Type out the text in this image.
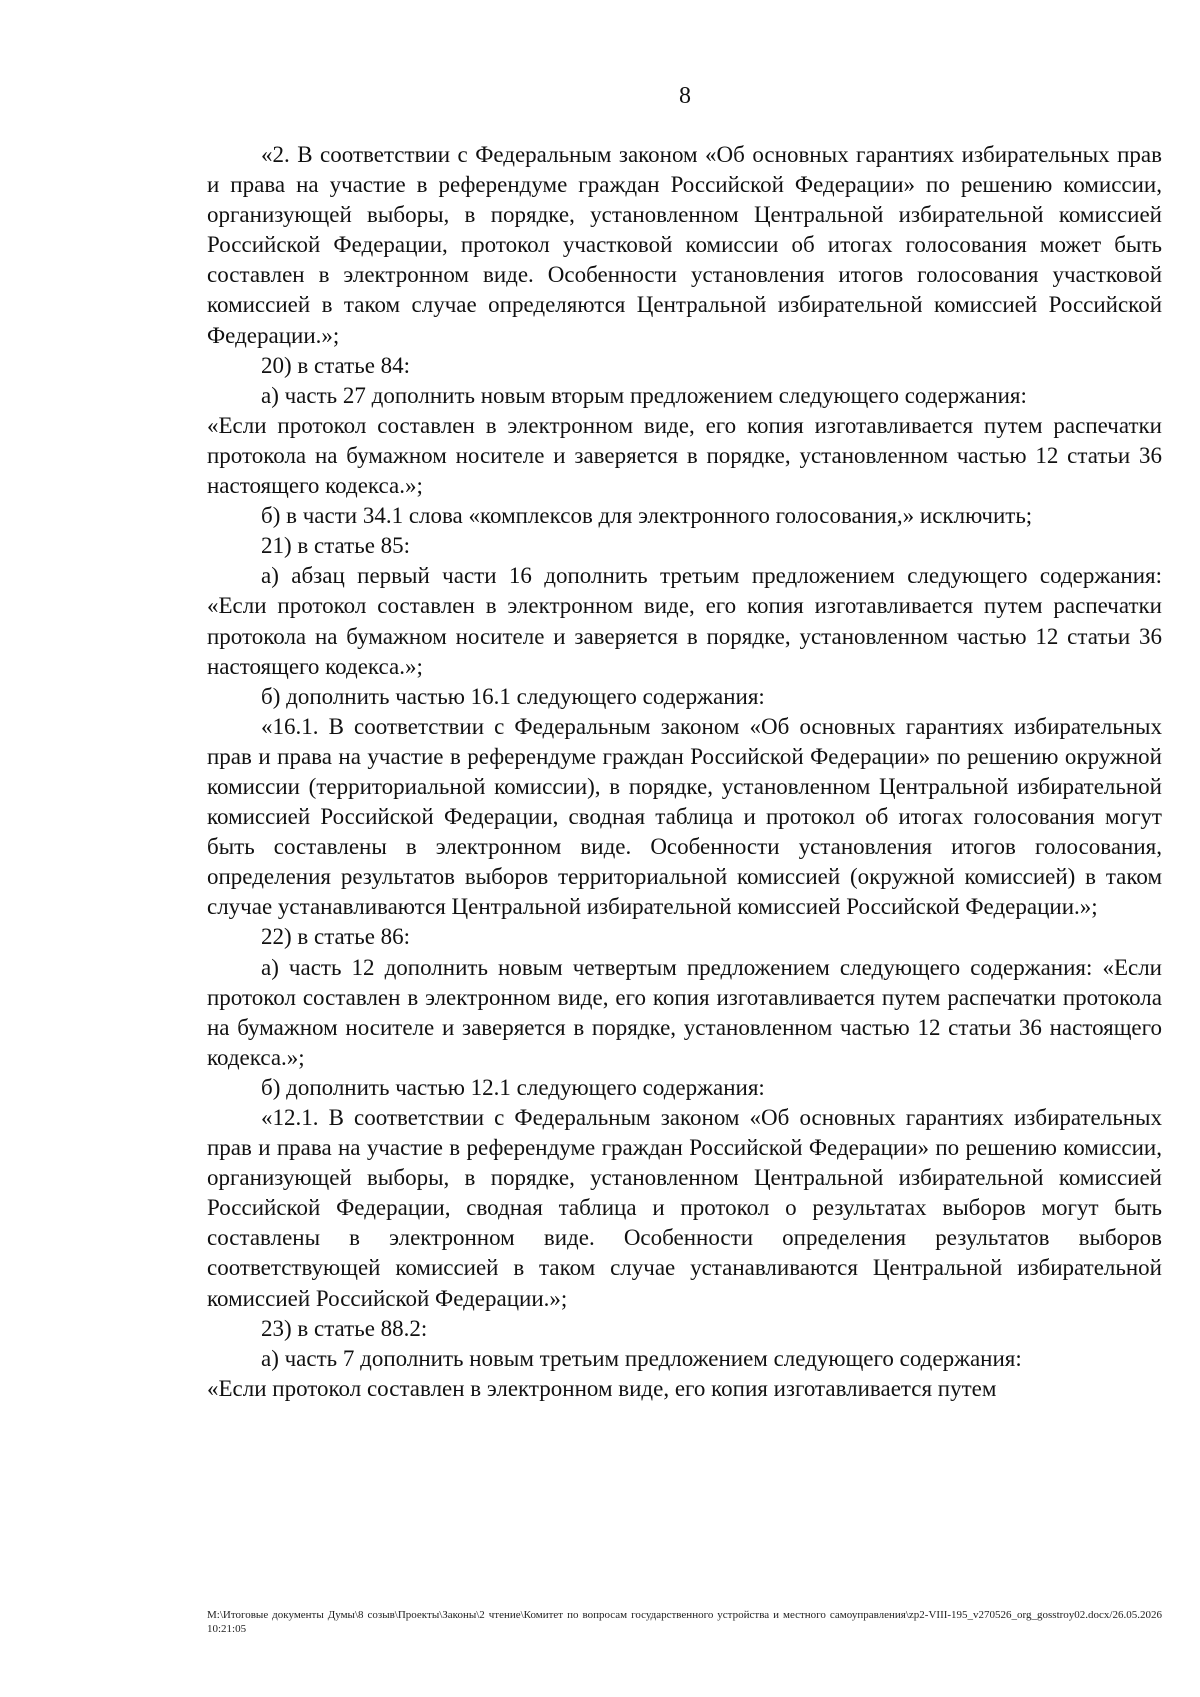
8

«2. В соответствии с Федеральным законом «Об основных гарантиях избирательных прав и права на участие в референдуме граждан Российской Федерации» по решению комиссии, организующей выборы, в порядке, установленном Центральной избирательной комиссией Российской Федерации, протокол участковой комиссии об итогах голосования может быть составлен в электронном виде. Особенности установления итогов голосования участковой комиссией в таком случае определяются Центральной избирательной комиссией Российской Федерации.»;

20) в статье 84:

а) часть 27 дополнить новым вторым предложением следующего содержания:

«Если протокол составлен в электронном виде, его копия изготавливается путем распечатки протокола на бумажном носителе и заверяется в порядке, установленном частью 12 статьи 36 настоящего кодекса.»;

б) в части 34.1 слова «комплексов для электронного голосования,» исключить;

21) в статье 85:

а) абзац первый части 16 дополнить третьим предложением следующего содержания: «Если протокол составлен в электронном виде, его копия изготавливается путем распечатки протокола на бумажном носителе и заверяется в порядке, установленном частью 12 статьи 36 настоящего кодекса.»;

б) дополнить частью 16.1 следующего содержания:

«16.1. В соответствии с Федеральным законом «Об основных гарантиях избирательных прав и права на участие в референдуме граждан Российской Федерации» по решению окружной комиссии (территориальной комиссии), в порядке, установленном Центральной избирательной комиссией Российской Федерации, сводная таблица и протокол об итогах голосования могут быть составлены в электронном виде. Особенности установления итогов голосования, определения результатов выборов территориальной комиссией (окружной комиссией) в таком случае устанавливаются Центральной избирательной комиссией Российской Федерации.»;

22) в статье 86:

а) часть 12 дополнить новым четвертым предложением следующего содержания: «Если протокол составлен в электронном виде, его копия изготавливается путем распечатки протокола на бумажном носителе и заверяется в порядке, установленном частью 12 статьи 36 настоящего кодекса.»;

б) дополнить частью 12.1 следующего содержания:

«12.1. В соответствии с Федеральным законом «Об основных гарантиях избирательных прав и права на участие в референдуме граждан Российской Федерации» по решению комиссии, организующей выборы, в порядке, установленном Центральной избирательной комиссией Российской Федерации, сводная таблица и протокол о результатах выборов могут быть составлены в электронном виде. Особенности определения результатов выборов соответствующей комиссией в таком случае устанавливаются Центральной избирательной комиссией Российской Федерации.»;

23) в статье 88.2:

а) часть 7 дополнить новым третьим предложением следующего содержания:

«Если протокол составлен в электронном виде, его копия изготавливается путем

M:\Итоговые документы Думы\8 созыв\Проекты\Законы\2 чтение\Комитет по вопросам государственного устройства и местного самоуправления\zp2-VIII-195_v270526_org_gosstroy02.docx/26.05.2026 10:21:05
